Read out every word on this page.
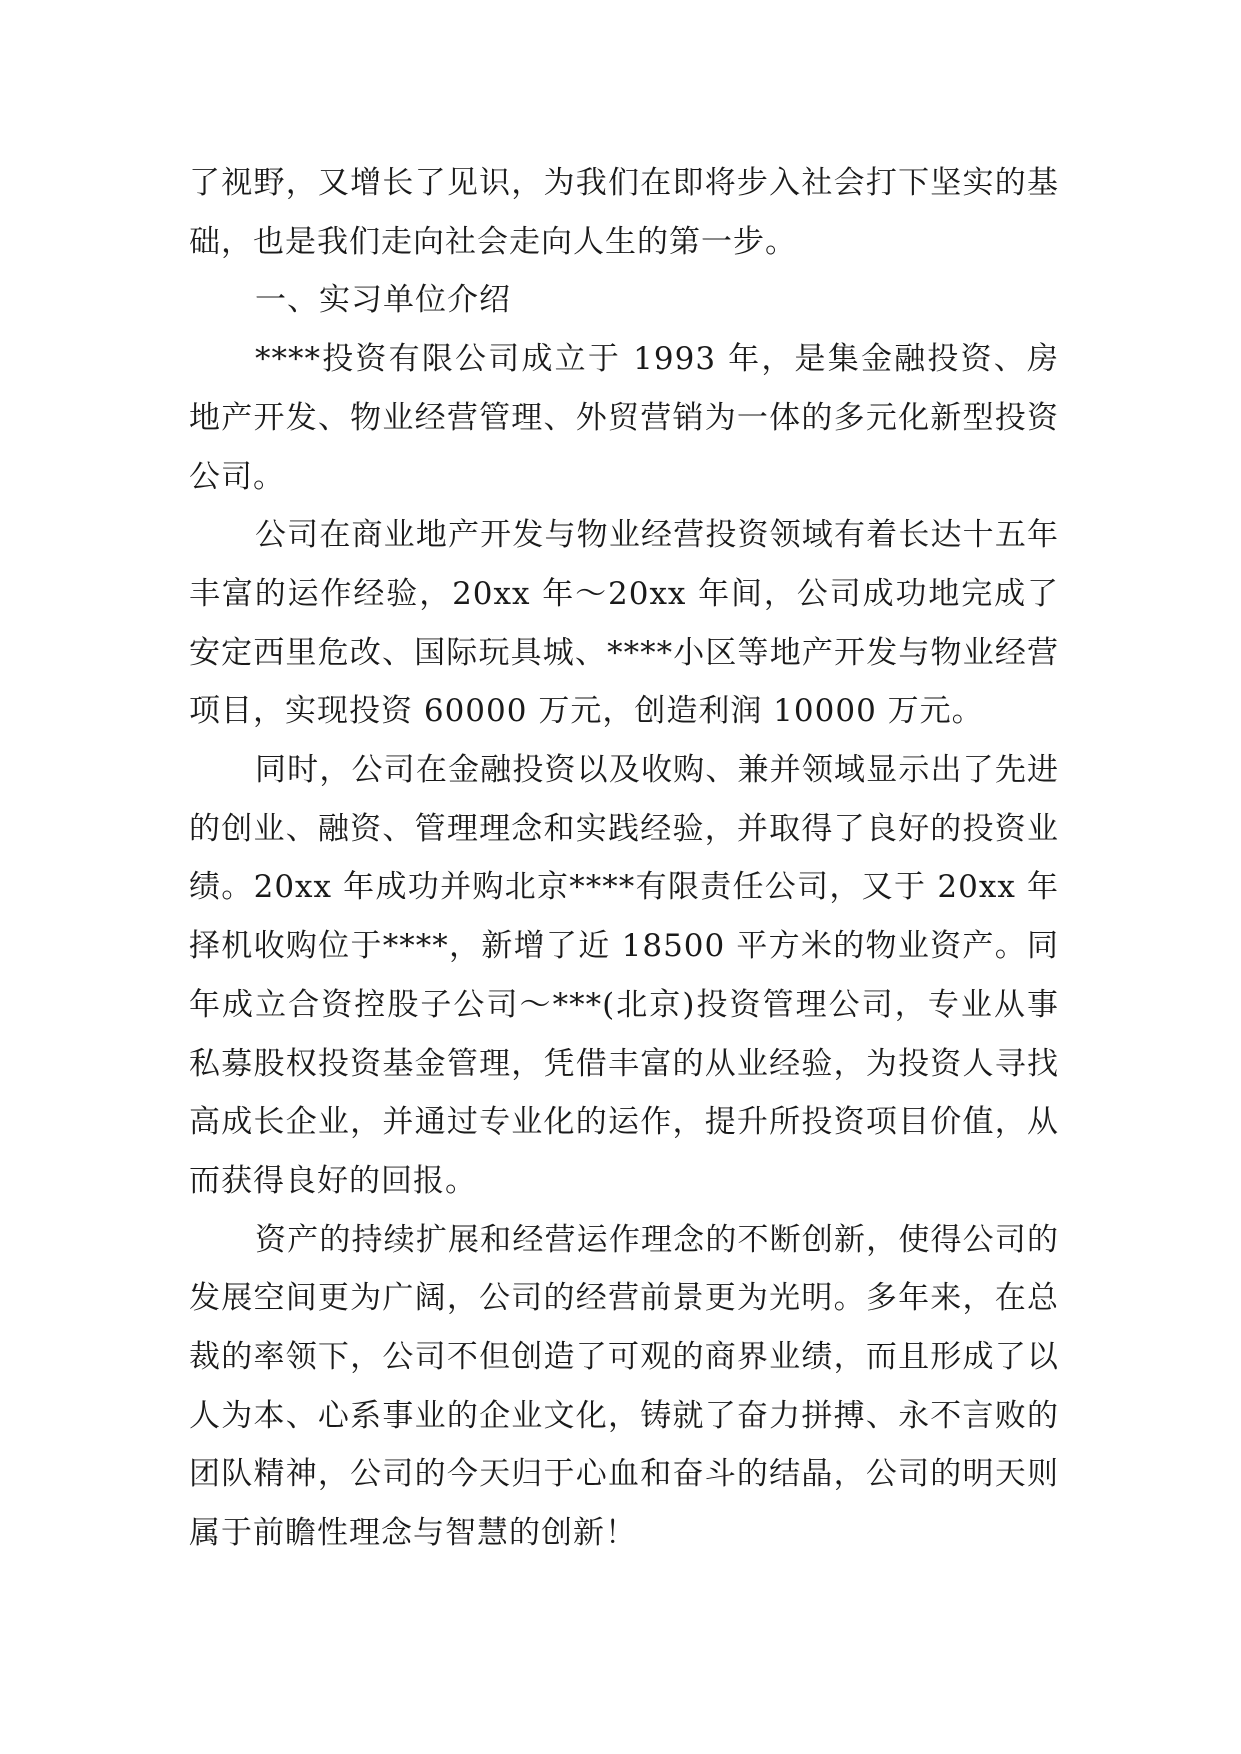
了视野，又增长了见识，为我们在即将步入社会打下坚实的基础，也是我们走向社会走向人生的第一步。

一、实习单位介绍

****投资有限公司成立于 1993 年，是集金融投资、房地产开发、物业经营管理、外贸营销为一体的多元化新型投资公司。

公司在商业地产开发与物业经营投资领域有着长达十五年丰富的运作经验，20xx 年～20xx 年间，公司成功地完成了安定西里危改、国际玩具城、****小区等地产开发与物业经营项目，实现投资 60000 万元，创造利润 10000 万元。

同时，公司在金融投资以及收购、兼并领域显示出了先进的创业、融资、管理理念和实践经验，并取得了良好的投资业绩。20xx 年成功并购北京****有限责任公司，又于 20xx 年择机收购位于****，新增了近 18500 平方米的物业资产。同年成立合资控股子公司～***(北京)投资管理公司，专业从事私募股权投资基金管理，凭借丰富的从业经验，为投资人寻找高成长企业，并通过专业化的运作，提升所投资项目价值，从而获得良好的回报。

资产的持续扩展和经营运作理念的不断创新，使得公司的发展空间更为广阔，公司的经营前景更为光明。多年来，在总裁的率领下，公司不但创造了可观的商界业绩，而且形成了以人为本、心系事业的企业文化，铸就了奋力拼搏、永不言败的团队精神，公司的今天归于心血和奋斗的结晶，公司的明天则属于前瞻性理念与智慧的创新！
